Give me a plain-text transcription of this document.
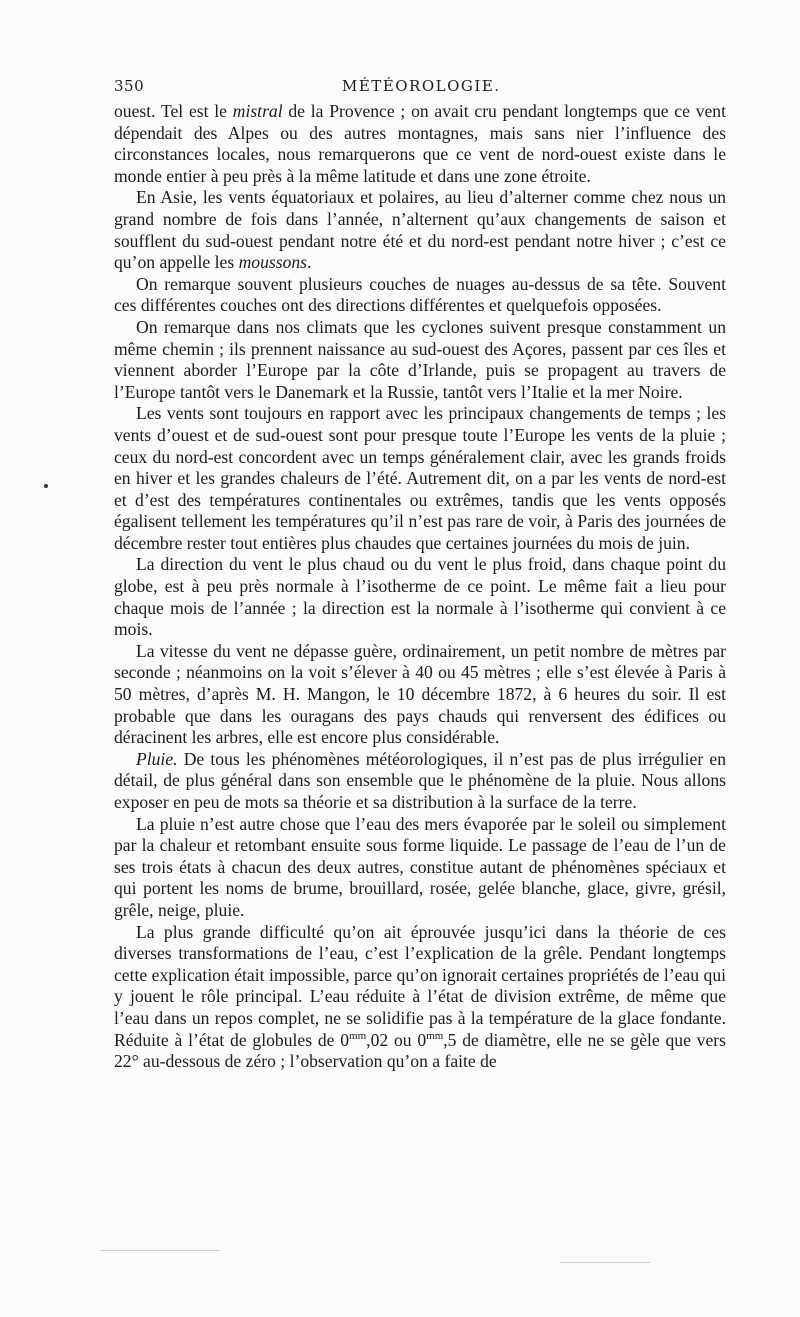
350	MÉTÉOROLOGIE.

ouest. Tel est le mistral de la Provence ; on avait cru pendant longtemps que ce vent dépendait des Alpes ou des autres montagnes, mais sans nier l’influence des circonstances locales, nous remarquerons que ce vent de nord-ouest existe dans le monde entier à peu près à la même latitude et dans une zone étroite.

En Asie, les vents équatoriaux et polaires, au lieu d’alterner comme chez nous un grand nombre de fois dans l’année, n’alternent qu’aux changements de saison et soufflent du sud-ouest pendant notre été et du nord-est pendant notre hiver ; c’est ce qu’on appelle les moussons.

On remarque souvent plusieurs couches de nuages au-dessus de sa tête. Souvent ces différentes couches ont des directions différentes et quelquefois opposées.

On remarque dans nos climats que les cyclones suivent presque constamment un même chemin ; ils prennent naissance au sud-ouest des Açores, passent par ces îles et viennent aborder l’Europe par la côte d’Irlande, puis se propagent au travers de l’Europe tantôt vers le Danemark et la Russie, tantôt vers l’Italie et la mer Noire.

Les vents sont toujours en rapport avec les principaux changements de temps ; les vents d’ouest et de sud-ouest sont pour presque toute l’Europe les vents de la pluie ; ceux du nord-est concordent avec un temps généralement clair, avec les grands froids en hiver et les grandes chaleurs de l’été. Autrement dit, on a par les vents de nord-est et d’est des températures continentales ou extrêmes, tandis que les vents opposés égalisent tellement les températures qu’il n’est pas rare de voir, à Paris des journées de décembre rester tout entières plus chaudes que certaines journées du mois de juin.

La direction du vent le plus chaud ou du vent le plus froid, dans chaque point du globe, est à peu près normale à l’isotherme de ce point. Le même fait a lieu pour chaque mois de l’année ; la direction est la normale à l’isotherme qui convient à ce mois.

La vitesse du vent ne dépasse guère, ordinairement, un petit nombre de mètres par seconde ; néanmoins on la voit s’élever à 40 ou 45 mètres ; elle s’est élevée à Paris à 50 mètres, d’après M. H. Mangon, le 10 décembre 1872, à 6 heures du soir. Il est probable que dans les ouragans des pays chauds qui renversent des édifices ou déracinent les arbres, elle est encore plus considérable.

Pluie. De tous les phénomènes météorologiques, il n’est pas de plus irrégulier en détail, de plus général dans son ensemble que le phénomène de la pluie. Nous allons exposer en peu de mots sa théorie et sa distribution à la surface de la terre.

La pluie n’est autre chose que l’eau des mers évaporée par le soleil ou simplement par la chaleur et retombant ensuite sous forme liquide. Le passage de l’eau de l’un de ses trois états à chacun des deux autres, constitue autant de phénomènes spéciaux et qui portent les noms de brume, brouillard, rosée, gelée blanche, glace, givre, grésil, grêle, neige, pluie.

La plus grande difficulté qu’on ait éprouvée jusqu’ici dans la théorie de ces diverses transformations de l’eau, c’est l’explication de la grêle. Pendant longtemps cette explication était impossible, parce qu’on ignorait certaines propriétés de l’eau qui y jouent le rôle principal. L’eau réduite à l’état de division extrême, de même que l’eau dans un repos complet, ne se solidifie pas à la température de la glace fondante. Réduite à l’état de globules de $0^{mm},02$ ou $0^{mm},5$ de diamètre, elle ne se gèle que vers 22° au-dessous de zéro ; l’observation qu’on a faite de
